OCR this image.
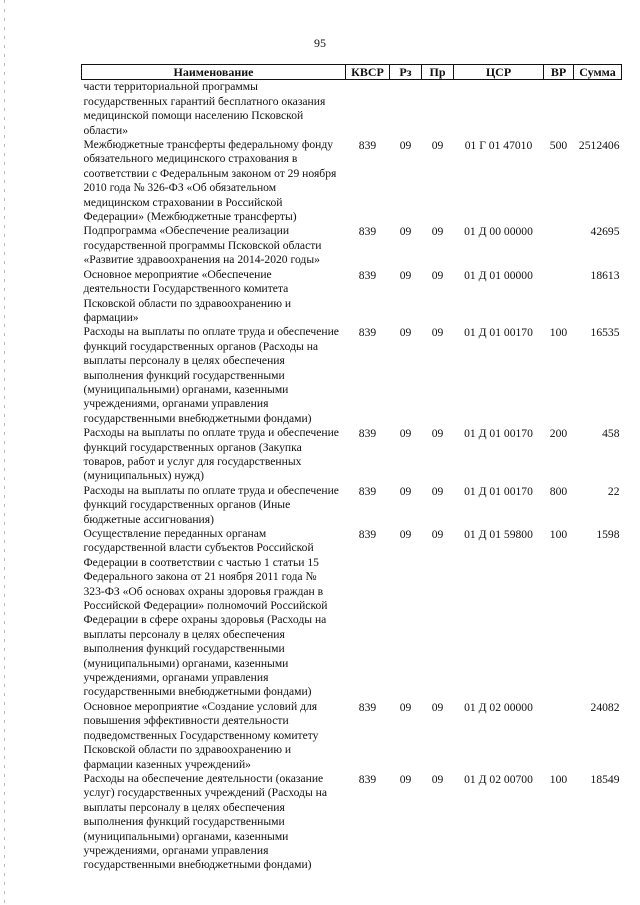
95
Наименование	КВСР	Рз	Пр	ЦСР	ВР	Сумма
части территориальной программы государственных гарантий бесплатного оказания медицинской помощи населению Псковской области»						
Межбюджетные трансферты федеральному фонду обязательного медицинского страхования в соответствии с Федеральным законом от 29 ноября 2010 года № 326-ФЗ «Об обязательном медицинском страховании в Российской Федерации» (Межбюджетные трансферты)	839	09	09	01 Г 01 47010	500	2512406
Подпрограмма «Обеспечение реализации государственной программы Псковской области «Развитие здравоохранения на 2014-2020 годы»	839	09	09	01 Д 00 00000		42695
Основное мероприятие «Обеспечение деятельности Государственного комитета Псковской области по здравоохранению и фармации»	839	09	09	01 Д 01 00000		18613
Расходы на выплаты по оплате труда и обеспечение функций государственных органов (Расходы на выплаты персоналу в целях обеспечения выполнения функций государственными (муниципальными) органами, казенными учреждениями, органами управления государственными внебюджетными фондами)	839	09	09	01 Д 01 00170	100	16535
Расходы на выплаты по оплате труда и обеспечение функций государственных органов (Закупка товаров, работ и услуг для государственных (муниципальных) нужд)	839	09	09	01 Д 01 00170	200	458
Расходы на выплаты по оплате труда и обеспечение функций государственных органов (Иные бюджетные ассигнования)	839	09	09	01 Д 01 00170	800	22
Осуществление переданных органам государственной власти субъектов Российской Федерации в соответствии с частью 1 статьи 15 Федерального закона от 21 ноября 2011 года № 323-ФЗ «Об основах охраны здоровья граждан в Российской Федерации» полномочий Российской Федерации в сфере охраны здоровья (Расходы на выплаты персоналу в целях обеспечения выполнения функций государственными (муниципальными) органами, казенными учреждениями, органами управления государственными внебюджетными фондами)	839	09	09	01 Д 01 59800	100	1598
Основное мероприятие «Создание условий для повышения эффективности деятельности подведомственных Государственному комитету Псковской области по здравоохранению и фармации казенных учреждений»	839	09	09	01 Д 02 00000		24082
Расходы на обеспечение деятельности (оказание услуг) государственных учреждений (Расходы на выплаты персоналу в целях обеспечения выполнения функций государственными (муниципальными) органами, казенными учреждениями, органами управления государственными внебюджетными фондами)	839	09	09	01 Д 02 00700	100	18549
